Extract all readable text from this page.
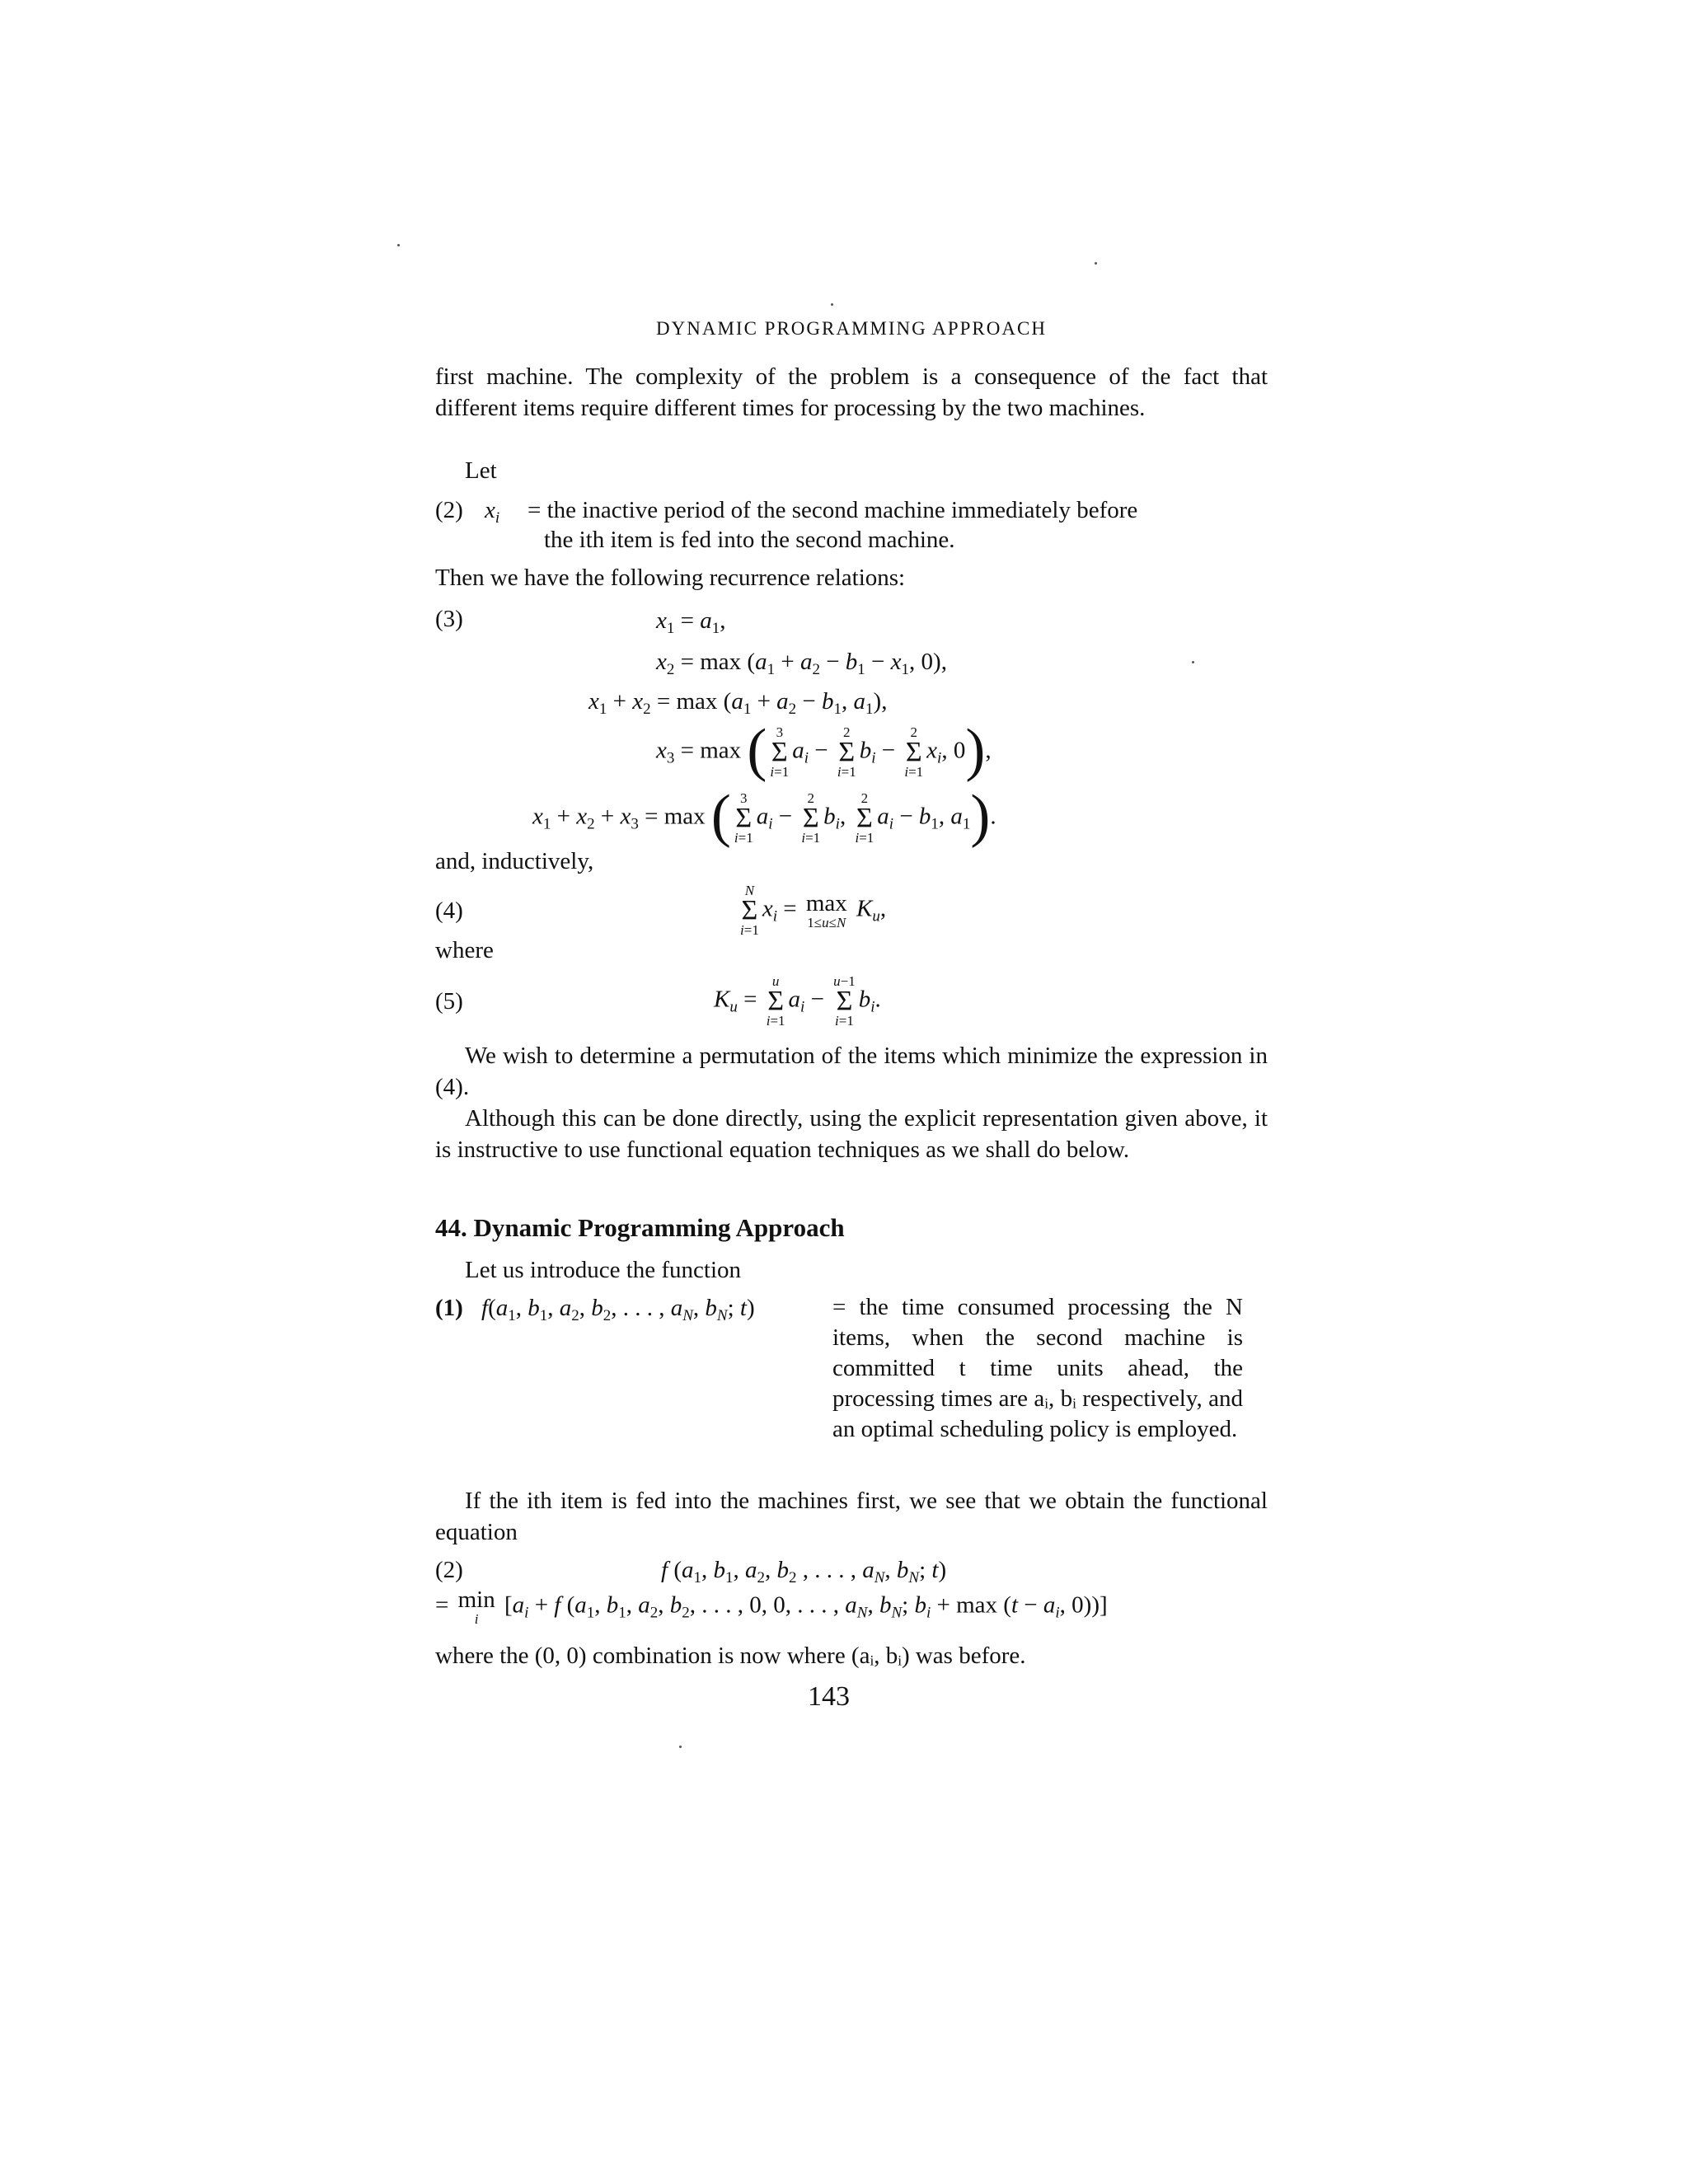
DYNAMIC PROGRAMMING APPROACH
first machine. The complexity of the problem is a consequence of the fact that different items require different times for processing by the two machines.
Let
(2) $x_i$ = the inactive period of the second machine immediately before
the ith item is fed into the second machine.
Then we have the following recurrence relations:
(3)	$x_1 = a_1$,
$x_2 = \max (a_1 + a_2 - b_1 - x_1$, 0),
$x_1 + x_2 = \max (a_1 + a_2 - b_1$, $a_1$),
$x_3 = \max$ ( 3
Σ
i=1
$a_i$ −
2
Σ
i=1
$b_i$ −
2
Σ
i=1
$x_i$, 0),
$x_1 + x_2 + x_3 = \max$ ( 3
Σ
i=1
$a_i$ −
2
Σ
i=1
$b_i$,
2
Σ
i=1
$a_i - b_1$, $a_1$).
and, inductively,
(4)
N
Σ
i=1
$x_i = \max$
1≤u≤N
$K_u$,
where
(5)	$K_u$ =
u
Σ
i=1
$a_i$ −
u−1
Σ
i=1
$b_i$.
We wish to determine a permutation of the items which minimize the expression in (4).
Although this can be done directly, using the explicit representation given above, it is instructive to use functional equation techniques as we shall do below.
44. Dynamic Programming Approach
Let us introduce the function
(1) $f(a_1$, $b_1$, $a_2$, $b_2$, . . . , $a_N$, $b_N$; t)	= the time consumed processing the N items, when the second machine is committed t time units ahead, the processing times are aᵢ, bᵢ respectively, and an optimal scheduling policy is employed.
If the ith item is fed into the machines first, we see that we obtain the functional equation
(2)	f ($a_1$, $b_1$, $a_2$, $b_2$ , . . . , $a_N$, $b_N$; t)
= min
i
[$a_i + f$ ($a_1$, $b_1$, $a_2$, $b_2$, . . . , 0, 0, . . . , $a_N$, $b_N$; $b_i + \max (t - a_i$, 0))]
where the (0, 0) combination is now where (aᵢ, bᵢ) was before.
143
